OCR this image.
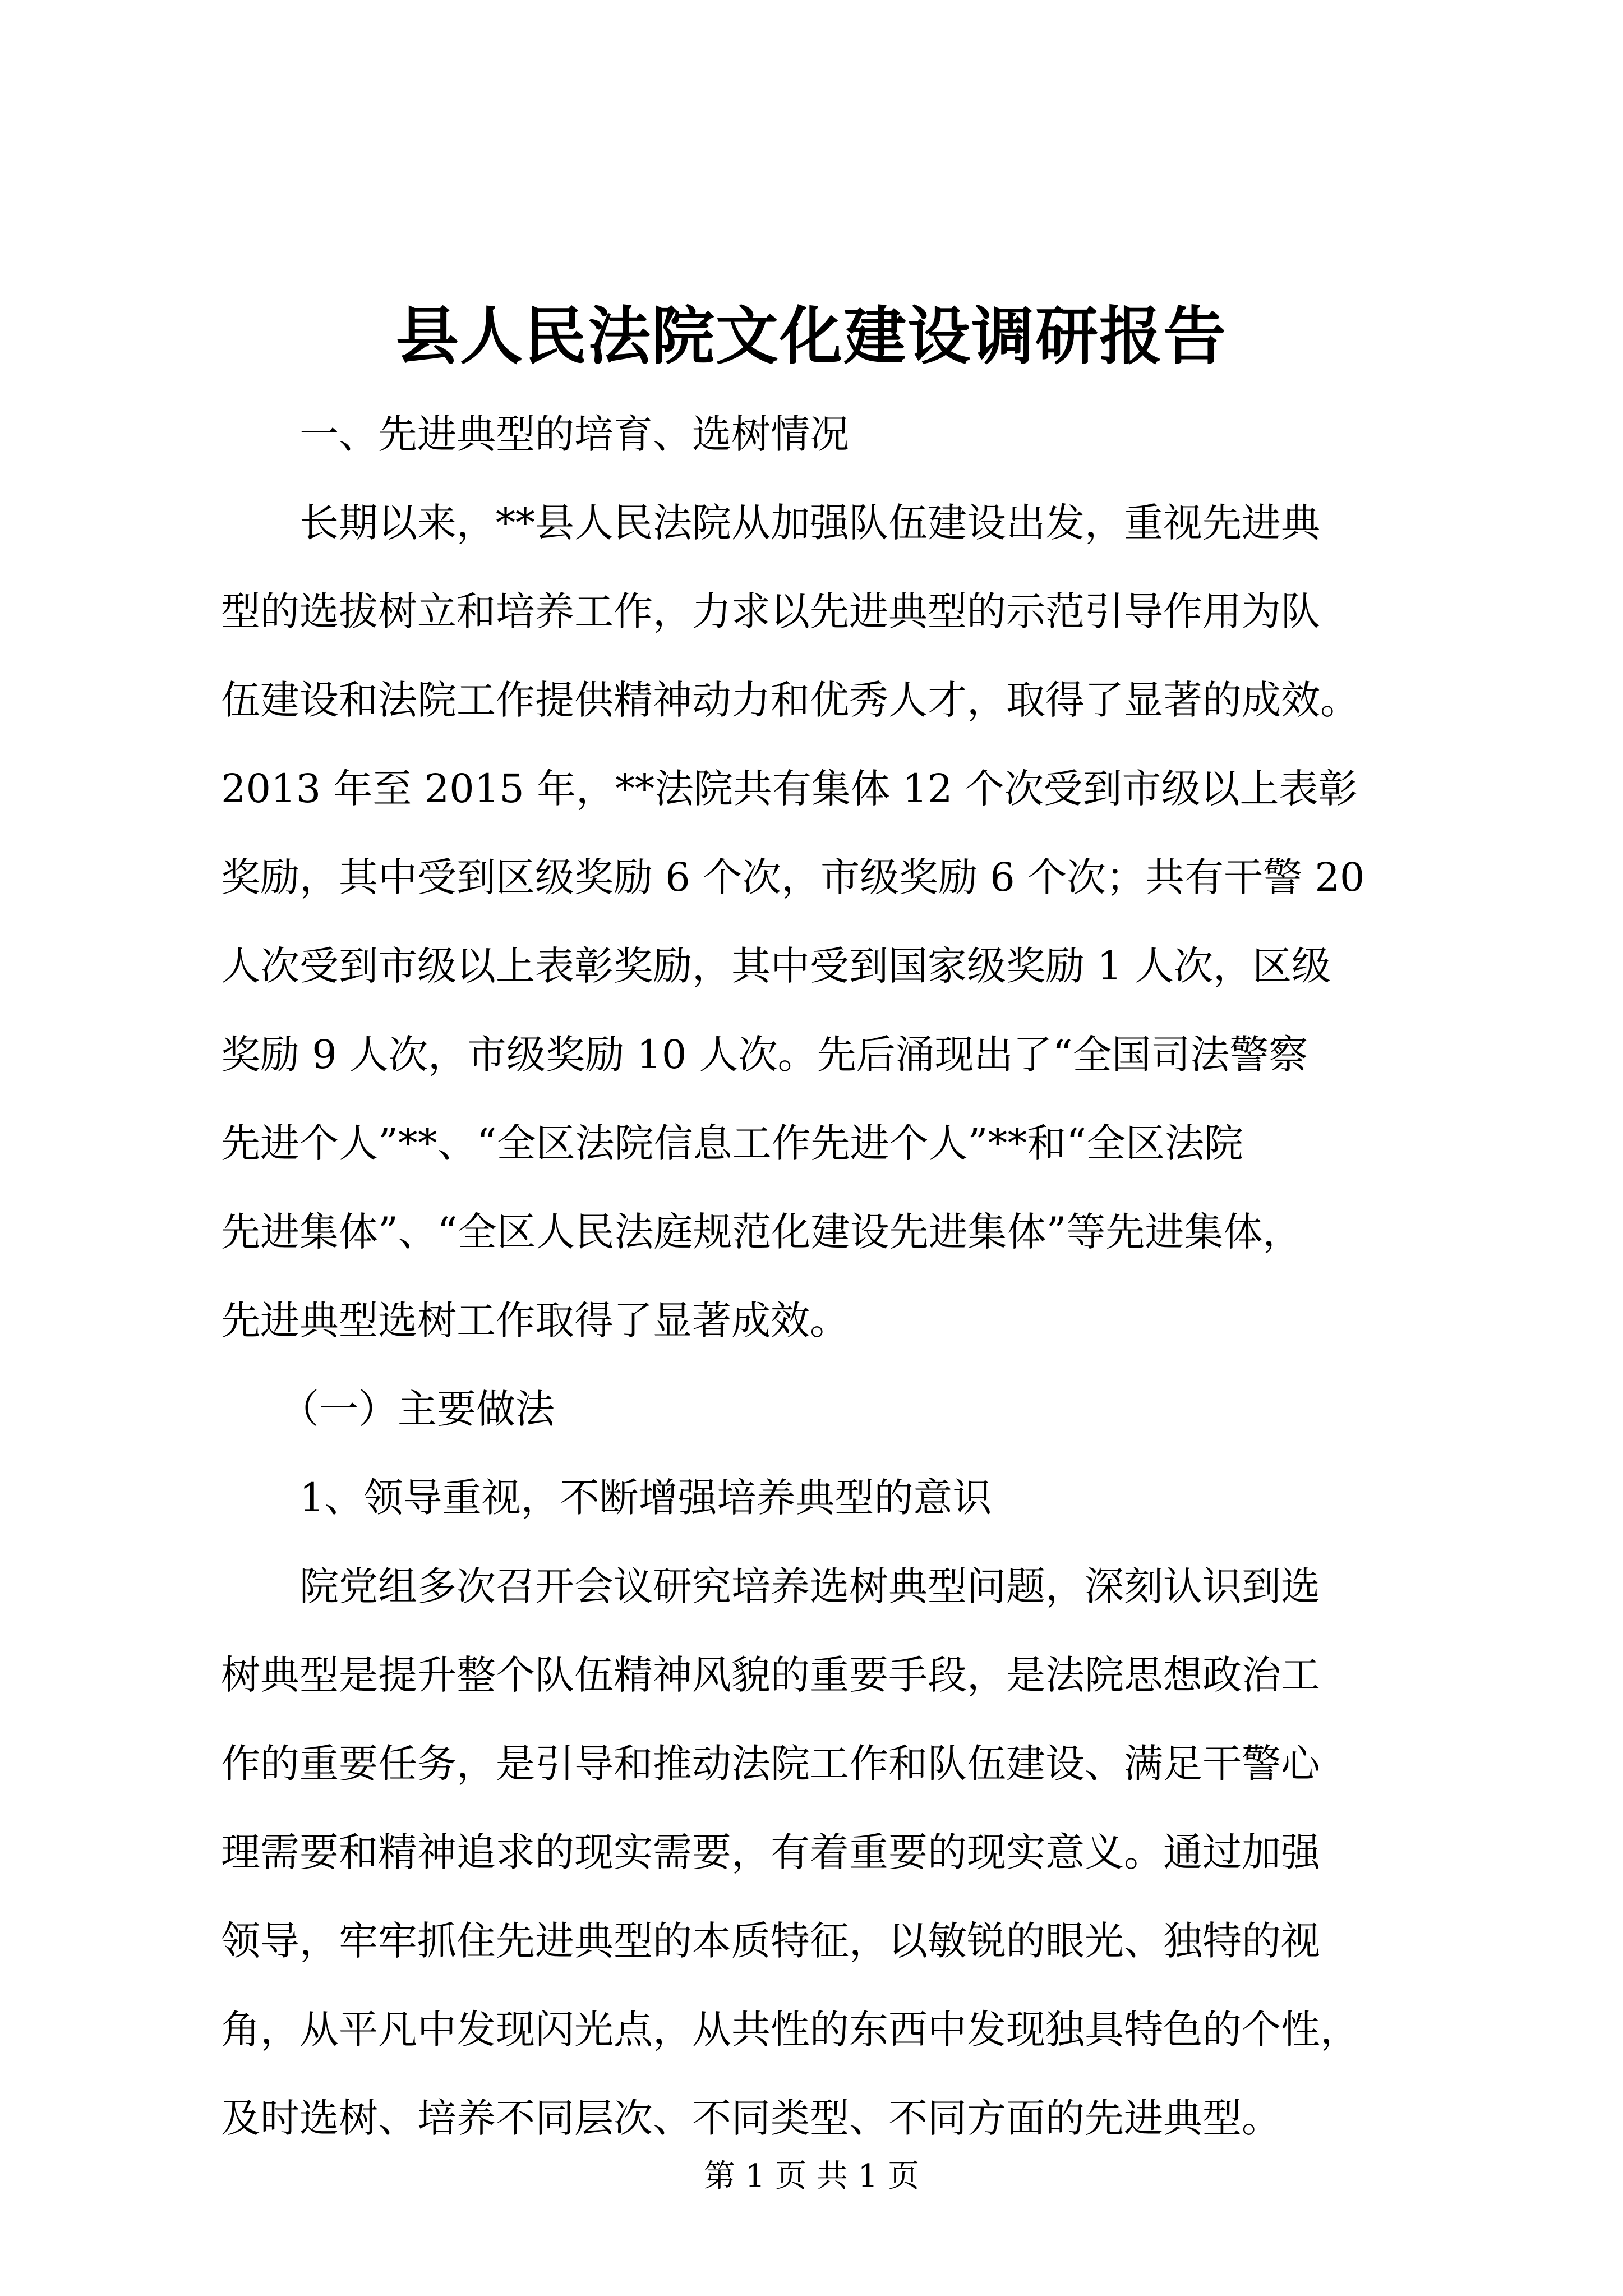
县人民法院文化建设调研报告
　　一、先进典型的培育、选树情况
　　长期以来，**县人民法院从加强队伍建设出发，重视先进典
型的选拔树立和培养工作，力求以先进典型的示范引导作用为队
伍建设和法院工作提供精神动力和优秀人才，取得了显著的成效。
2013 年至 2015 年，**法院共有集体 12 个次受到市级以上表彰
奖励，其中受到区级奖励 6 个次，市级奖励 6 个次；共有干警 20
人次受到市级以上表彰奖励，其中受到国家级奖励 1 人次，区级
奖励 9 人次，市级奖励 10 人次。先后涌现出了“全国司法警察
先进个人”**、“全区法院信息工作先进个人”**和“全区法院
先进集体”、“全区人民法庭规范化建设先进集体”等先进集体，
先进典型选树工作取得了显著成效。
　　（一）主要做法
　　1、领导重视，不断增强培养典型的意识
　　院党组多次召开会议研究培养选树典型问题，深刻认识到选
树典型是提升整个队伍精神风貌的重要手段，是法院思想政治工
作的重要任务，是引导和推动法院工作和队伍建设、满足干警心
理需要和精神追求的现实需要，有着重要的现实意义。通过加强
领导，牢牢抓住先进典型的本质特征，以敏锐的眼光、独特的视
角，从平凡中发现闪光点，从共性的东西中发现独具特色的个性，
及时选树、培养不同层次、不同类型、不同方面的先进典型。
第 1 页 共 1 页
